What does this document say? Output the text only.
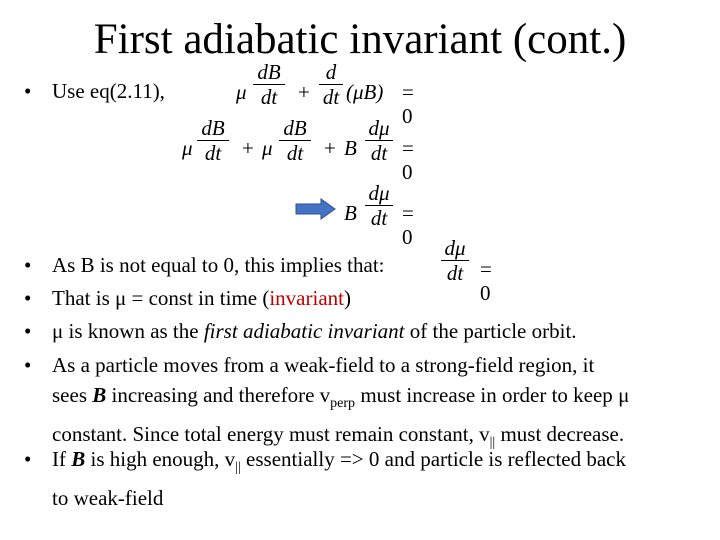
First adiabatic invariant (cont.)
• Use eq(2.11),	μ
dB
dt +
d
dt (μB) = 0
μ
dB
dt + μ
dB
dt + B
dμ
dt = 0
B
dμ
dt = 0 dμ
dt = 0
• As B is not equal to 0, this implies that:
• That is μ = const in time (invariant)
• μ is known as the first adiabatic invariant of the particle orbit.
• As a particle moves from a weak-field to a strong-field region, it
sees B increasing and therefore $v_{perp}$ must increase in order to keep μ
constant. Since total energy must remain constant, $v_{||}$ must decrease.
• If B is high enough, $v_{||}$ essentially => 0 and particle is reflected back
to weak-field
